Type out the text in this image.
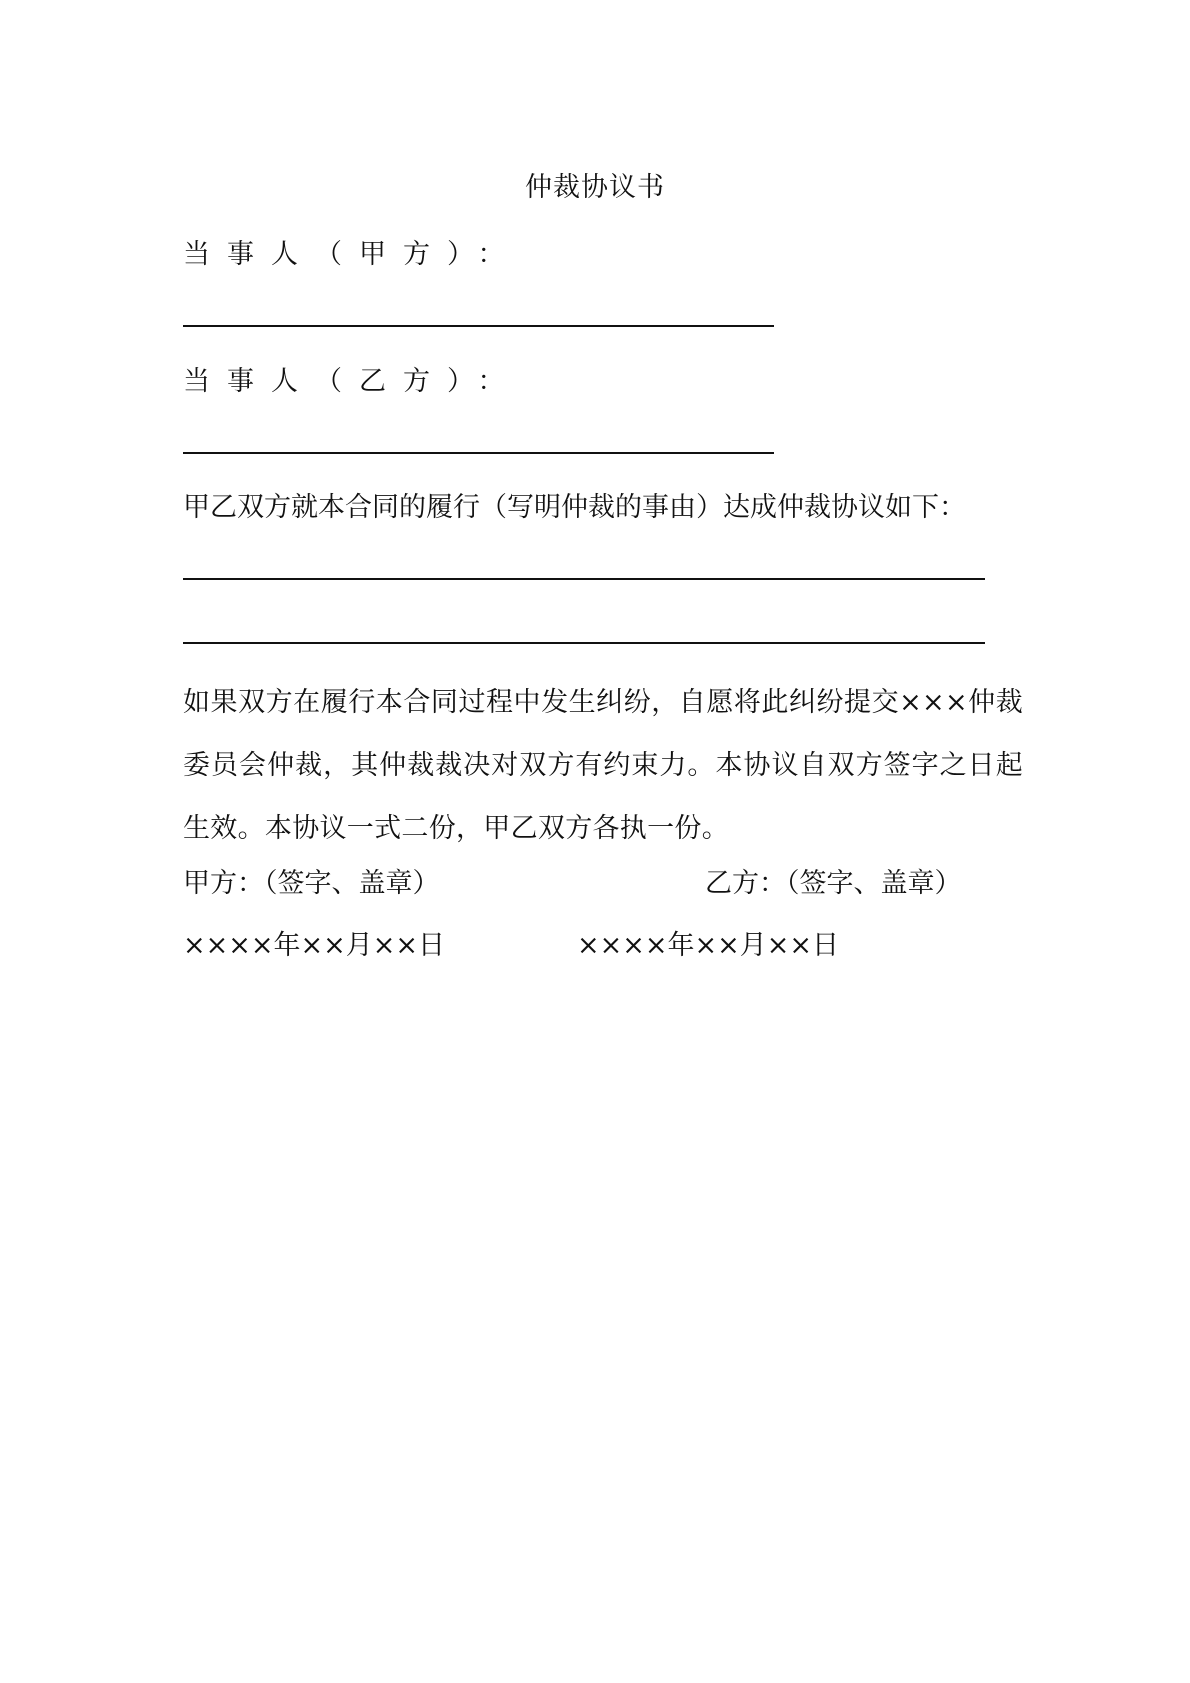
仲裁协议书
当事人（甲方）：
当事人（乙方）：
甲乙双方就本合同的履行（写明仲裁的事由）达成仲裁协议如下：
如果双方在履行本合同过程中发生纠纷，自愿将此纠纷提交×××仲裁委员会仲裁，其仲裁裁决对双方有约束力。本协议自双方签字之日起生效。本协议一式二份，甲乙双方各执一份。
甲方：（签字、盖章）	乙方：（签字、盖章）
××××年××月××日	××××年××月××日
